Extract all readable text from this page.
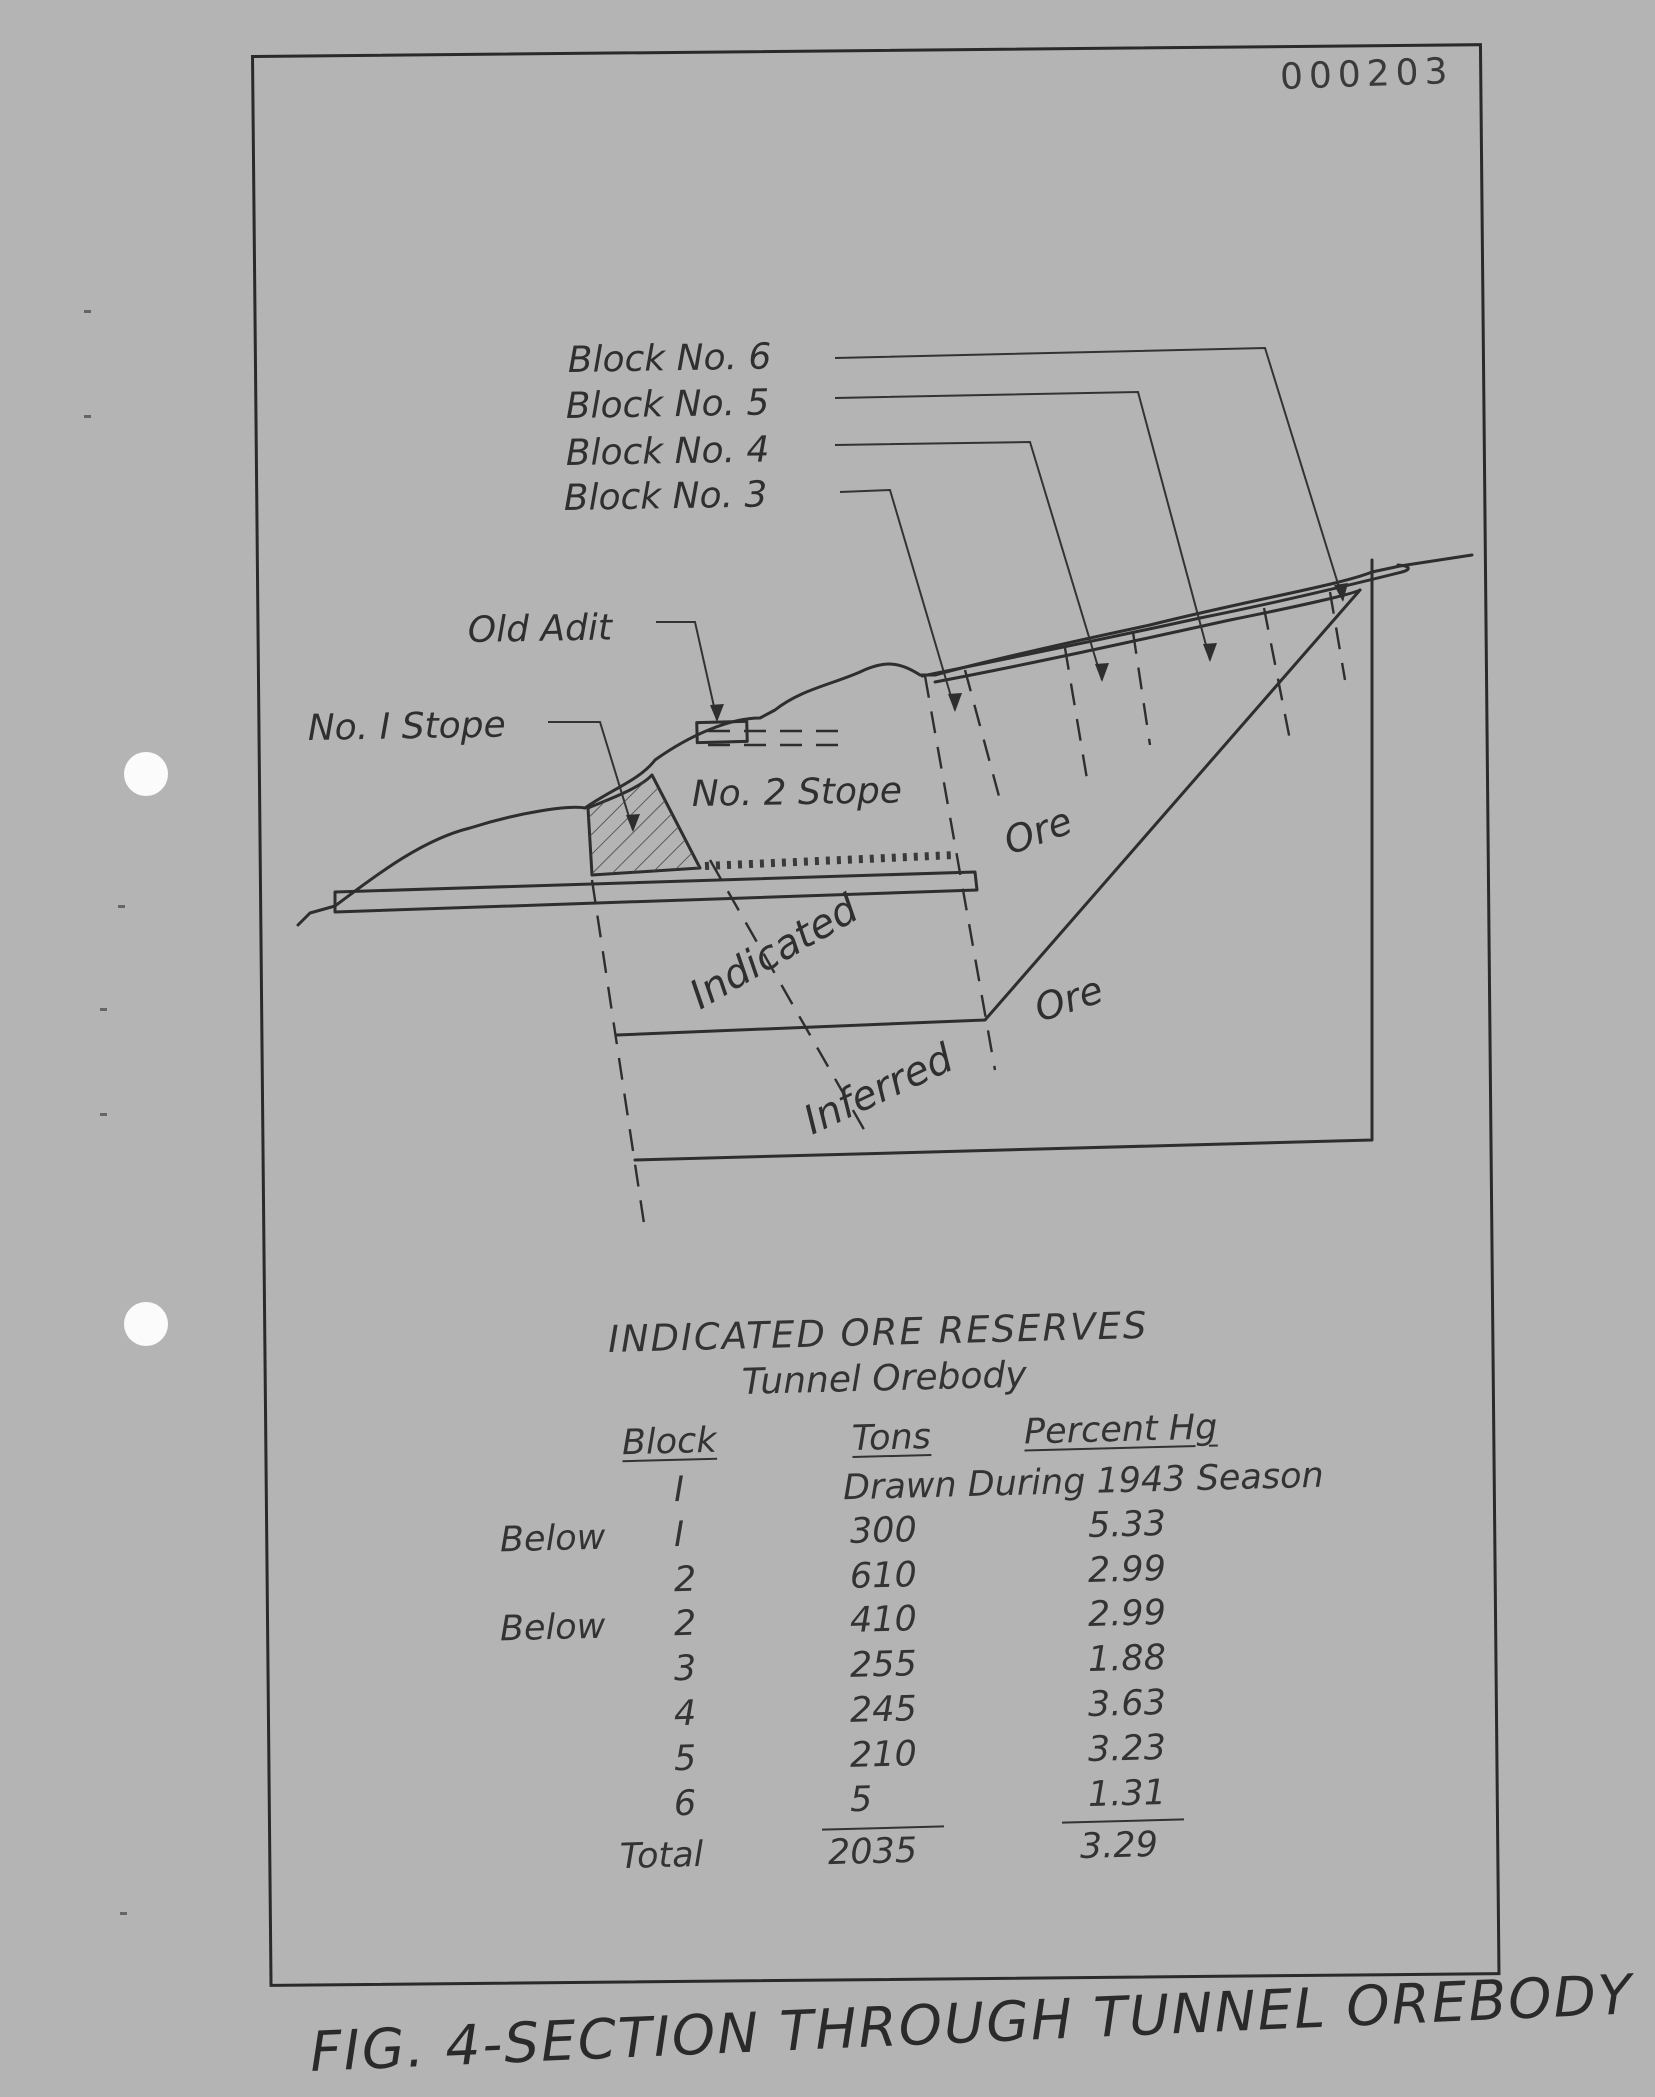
000203
Block No. 6
Block No. 5
Block No. 4
Block No. 3
Old Adit
No. I Stope
No. 2 Stope
Ore
Indicated	Ore
Inferred
INDICATED ORE RESERVES
Tunnel Orebody
Block	Tons	Percent Hg
Drawn During 1943 Season
I
Below I	300	5.33
2	610	2.99
Below 2	410	2.99
3	255	1.88
4	245	3.63
5	210	3.23
6	5	1.31
Total	2035	3.29
FIG. 4-SECTION THROUGH TUNNEL OREBODY
